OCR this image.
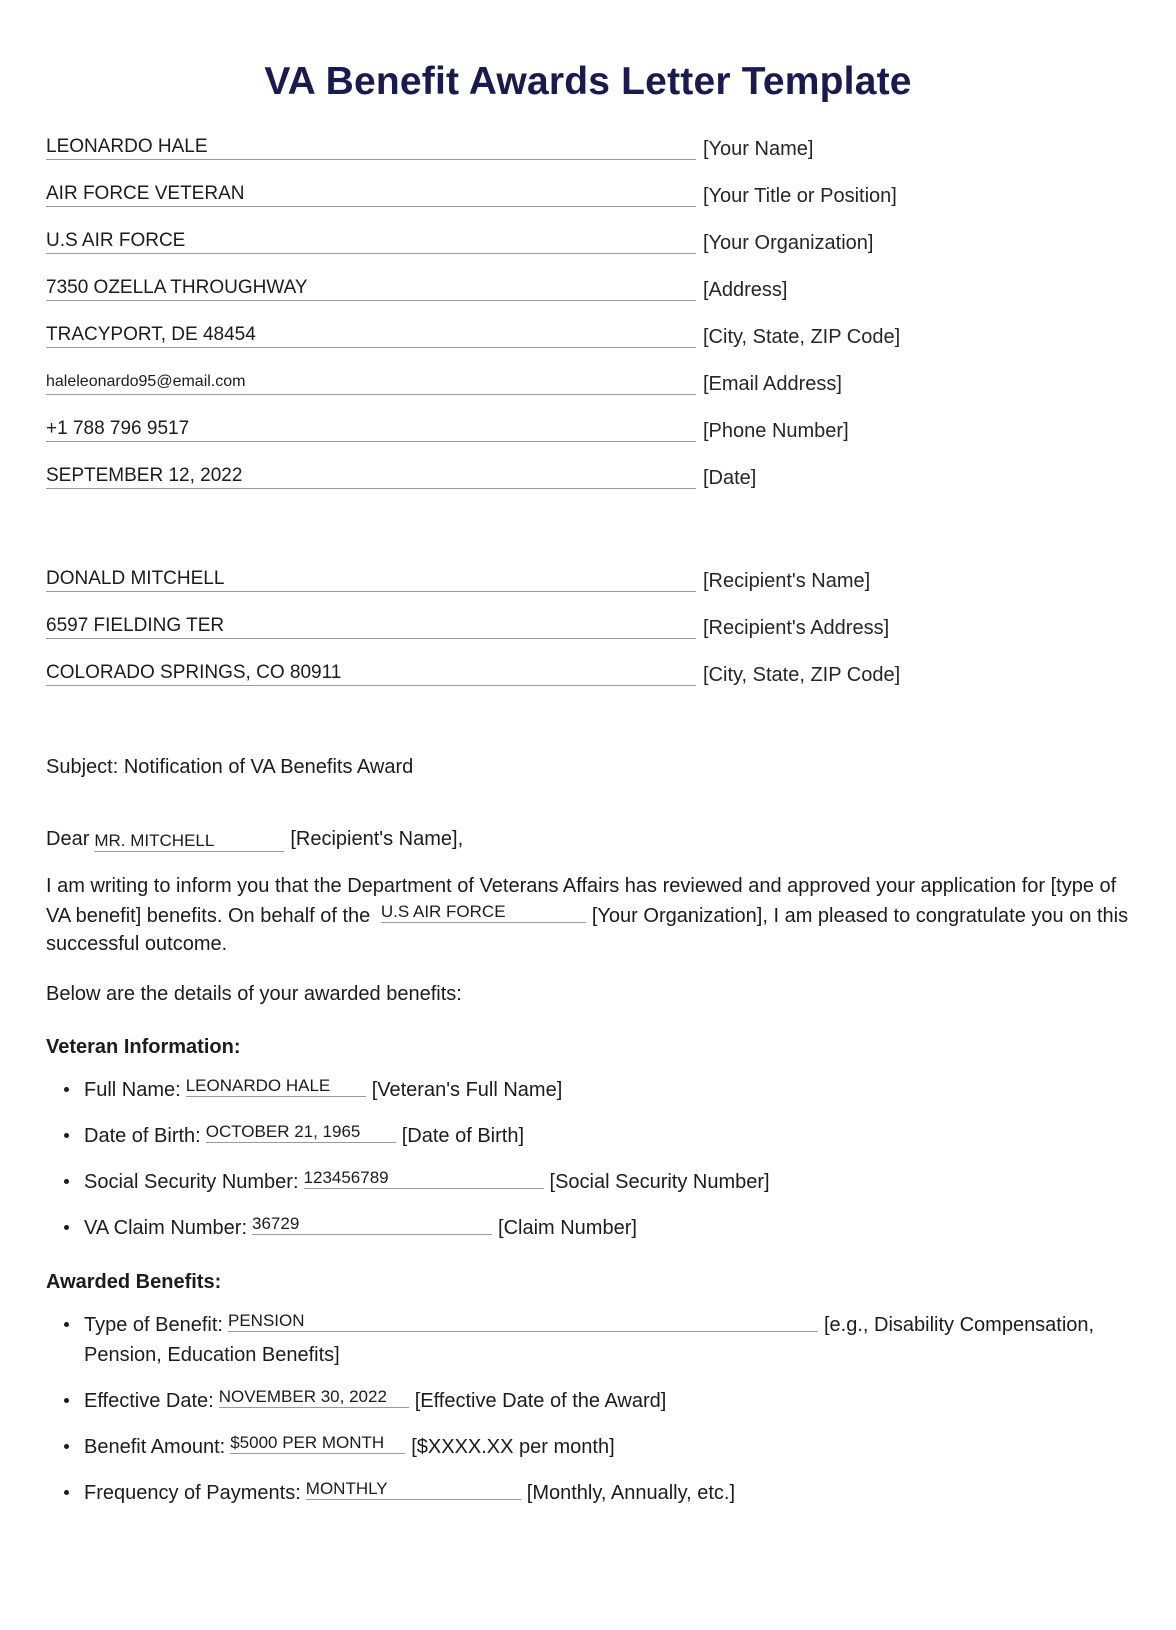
VA Benefit Awards Letter Template
LEONARDO HALE	[Your Name]
AIR FORCE VETERAN	[Your Title or Position]
U.S AIR FORCE	[Your Organization]
7350 OZELLA THROUGHWAY	[Address]
TRACYPORT, DE 48454	[City, State, ZIP Code]
haleleonardo95@email.com	[Email Address]
+1 788 796 9517	[Phone Number]
SEPTEMBER 12, 2022	[Date]
DONALD MITCHELL	[Recipient's Name]
6597 FIELDING TER	[Recipient's Address]
COLORADO SPRINGS, CO 80911	[City, State, ZIP Code]

Subject: Notification of VA Benefits Award

Dear MR. MITCHELL	[Recipient's Name],

I am writing to inform you that the Department of Veterans Affairs has reviewed and approved your application for [type of VA benefit] benefits. On behalf of the U.S AIR FORCE	[Your Organization], I am pleased to congratulate you on this successful outcome.

Below are the details of your awarded benefits:

Veteran Information:

Full Name: LEONARDO HALE [Veteran's Full Name]
Date of Birth: OCTOBER 21, 1965 [Date of Birth]
Social Security Number: 123456789	[Social Security Number]
VA Claim Number: 36729	[Claim Number]

Awarded Benefits:

Type of Benefit: PENSION	[e.g., Disability Compensation, Pension, Education Benefits]
Effective Date: NOVEMBER 30, 2022 [Effective Date of the Award]
Benefit Amount: $5000 PER MONTH [$XXXX.XX per month]
Frequency of Payments: MONTHLY	[Monthly, Annually, etc.]
